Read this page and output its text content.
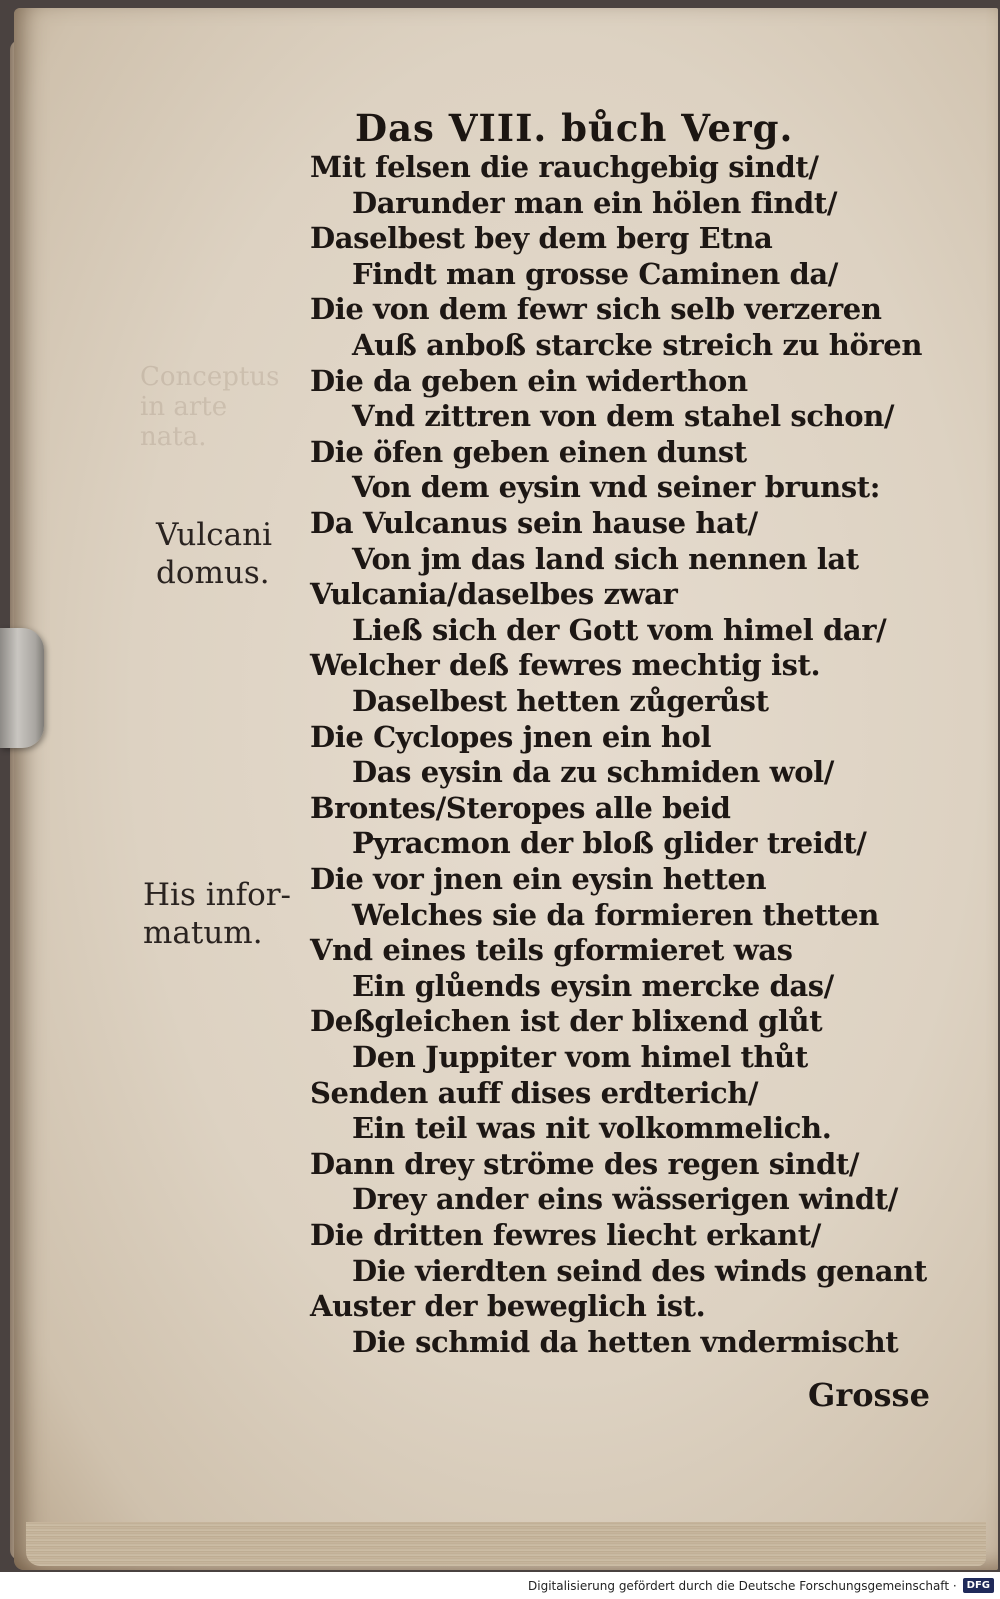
Das VIII. bůch Verg.
Conceptus
in arte
nata.
Vulcani
domus.
His infor-
matum.
Mit felsen die rauchgebig sindt/
Darunder man ein hölen findt/
Daselbest bey dem berg Etna
Findt man grosse Caminen da/
Die von dem fewr sich selb verzeren
Auß anboß starcke streich zu hören
Die da geben ein widerthon
Vnd zittren von dem stahel schon/
Die öfen geben einen dunst
Von dem eysin vnd seiner brunst:
Da Vulcanus sein hause hat/
Von jm das land sich nennen lat
Vulcania/daselbes zwar
Ließ sich der Gott vom himel dar/
Welcher deß fewres mechtig ist.
Daselbest hetten zůgerůst
Die Cyclopes jnen ein hol
Das eysin da zu schmiden wol/
Brontes/Steropes alle beid
Pyracmon der bloß glider treidt/
Die vor jnen ein eysin hetten
Welches sie da formieren thetten
Vnd eines teils gformieret was
Ein glůends eysin mercke das/
Deßgleichen ist der blixend glůt
Den Juppiter vom himel thůt
Senden auff dises erdterich/
Ein teil was nit volkommelich.
Dann drey ströme des regen sindt/
Drey ander eins wässerigen windt/
Die dritten fewres liecht erkant/
Die vierdten seind des winds genant
Auster der beweglich ist.
Die schmid da hetten vndermischt
Grosse
Digitalisierung gefördert durch die Deutsche Forschungsgemeinschaft ·	DFG
